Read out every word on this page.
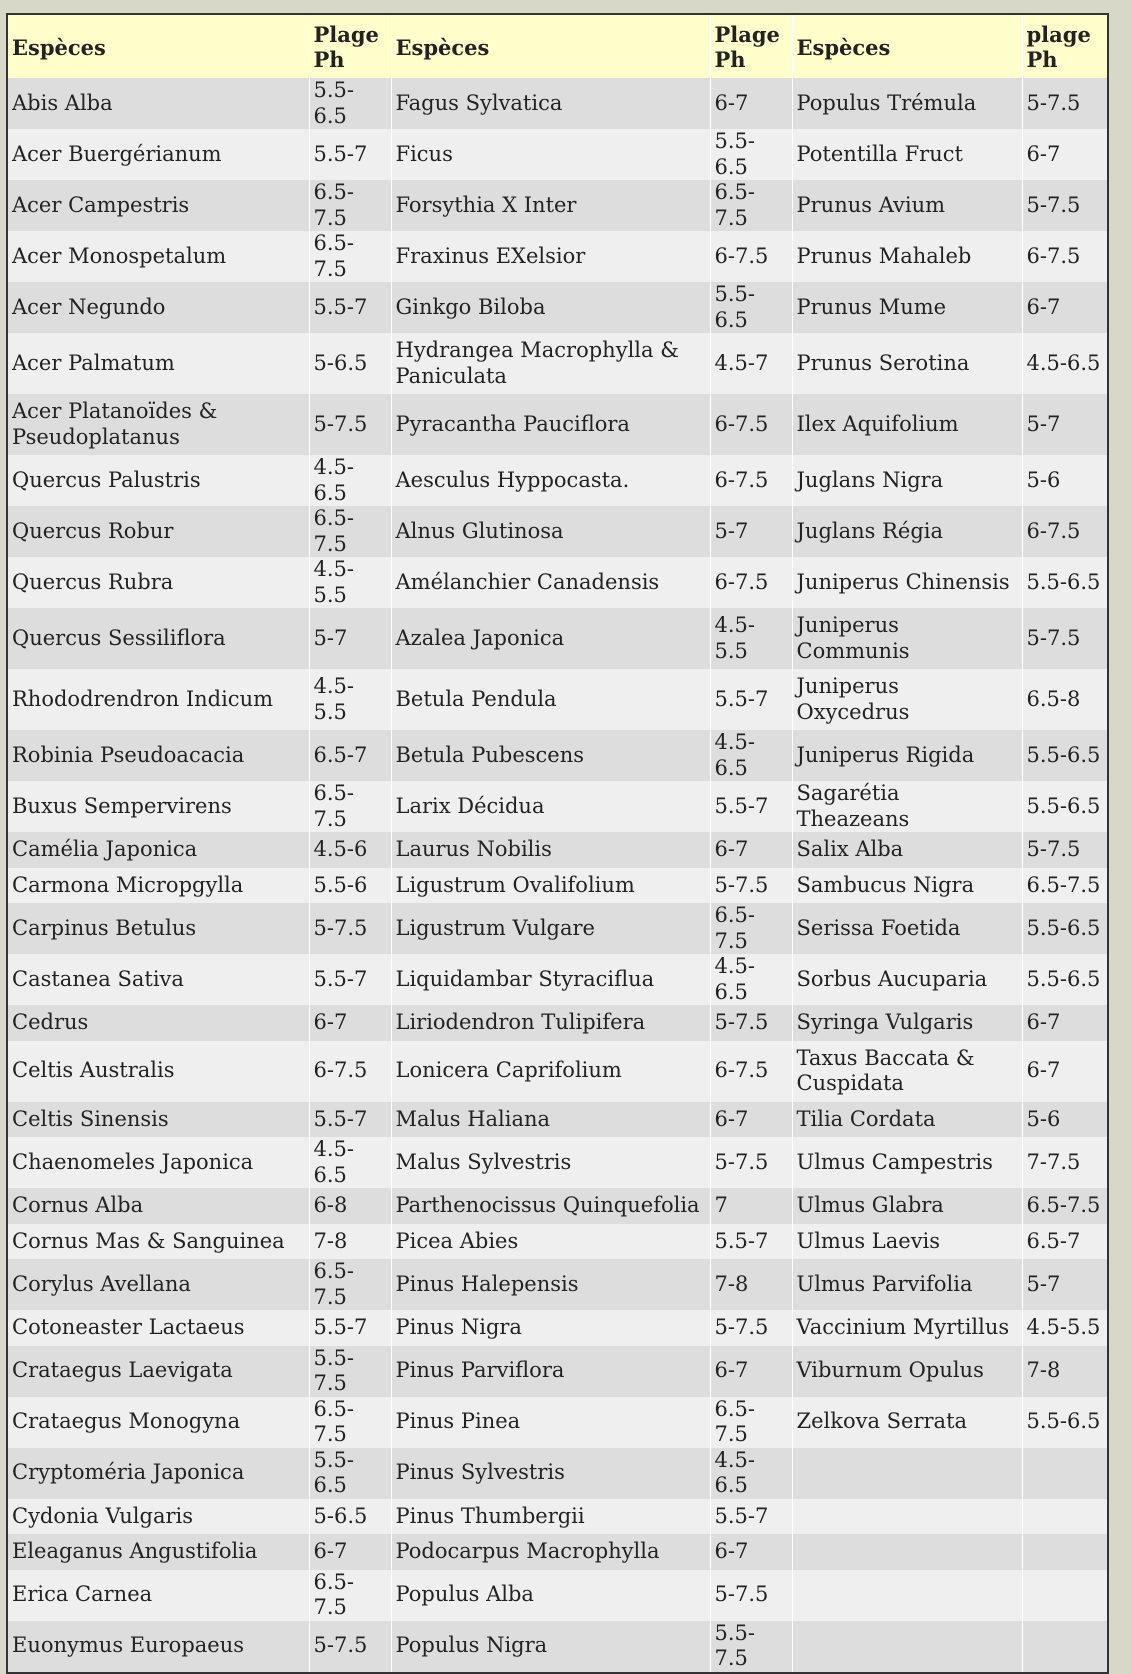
Espèces	Plage Ph	Espèces	Plage Ph	Espèces	plage Ph
Abis Alba	5.5-6.5	Fagus Sylvatica	6-7	Populus Trémula	5-7.5
Acer Buergérianum	5.5-7	Ficus	5.5-6.5	Potentilla Fruct	6-7
Acer Campestris	6.5-7.5	Forsythia X Inter	6.5-7.5	Prunus Avium	5-7.5
Acer Monospetalum	6.5-7.5	Fraxinus EXelsior	6-7.5	Prunus Mahaleb	6-7.5
Acer Negundo	5.5-7	Ginkgo Biloba	5.5-6.5	Prunus Mume	6-7
Acer Palmatum	5-6.5	Hydrangea Macrophylla & Paniculata	4.5-7	Prunus Serotina	4.5-6.5
Acer Platanoïdes & Pseudoplatanus	5-7.5	Pyracantha Pauciflora	6-7.5	Ilex Aquifolium	5-7
Quercus Palustris	4.5-6.5	Aesculus Hyppocasta.	6-7.5	Juglans Nigra	5-6
Quercus Robur	6.5-7.5	Alnus Glutinosa	5-7	Juglans Régia	6-7.5
Quercus Rubra	4.5-5.5	Amélanchier Canadensis	6-7.5	Juniperus Chinensis	5.5-6.5
Quercus Sessiliflora	5-7	Azalea Japonica	4.5-5.5	Juniperus Communis	5-7.5
Rhododrendron Indicum	4.5-5.5	Betula Pendula	5.5-7	Juniperus Oxycedrus	6.5-8
Robinia Pseudoacacia	6.5-7	Betula Pubescens	4.5-6.5	Juniperus Rigida	5.5-6.5
Buxus Sempervirens	6.5-7.5	Larix Décidua	5.5-7	Sagarétia Theazeans	5.5-6.5
Camélia Japonica	4.5-6	Laurus Nobilis	6-7	Salix Alba	5-7.5
Carmona Micropgylla	5.5-6	Ligustrum Ovalifolium	5-7.5	Sambucus Nigra	6.5-7.5
Carpinus Betulus	5-7.5	Ligustrum Vulgare	6.5-7.5	Serissa Foetida	5.5-6.5
Castanea Sativa	5.5-7	Liquidambar Styraciflua	4.5-6.5	Sorbus Aucuparia	5.5-6.5
Cedrus	6-7	Liriodendron Tulipifera	5-7.5	Syringa Vulgaris	6-7
Celtis Australis	6-7.5	Lonicera Caprifolium	6-7.5	Taxus Baccata & Cuspidata	6-7
Celtis Sinensis	5.5-7	Malus Haliana	6-7	Tilia Cordata	5-6
Chaenomeles Japonica	4.5-6.5	Malus Sylvestris	5-7.5	Ulmus Campestris	7-7.5
Cornus Alba	6-8	Parthenocissus Quinquefolia	7	Ulmus Glabra	6.5-7.5
Cornus Mas & Sanguinea	7-8	Picea Abies	5.5-7	Ulmus Laevis	6.5-7
Corylus Avellana	6.5-7.5	Pinus Halepensis	7-8	Ulmus Parvifolia	5-7
Cotoneaster Lactaeus	5.5-7	Pinus Nigra	5-7.5	Vaccinium Myrtillus	4.5-5.5
Crataegus Laevigata	5.5-7.5	Pinus Parviflora	6-7	Viburnum Opulus	7-8
Crataegus Monogyna	6.5-7.5	Pinus Pinea	6.5-7.5	Zelkova Serrata	5.5-6.5
Cryptoméria Japonica	5.5-6.5	Pinus Sylvestris	4.5-6.5		
Cydonia Vulgaris	5-6.5	Pinus Thumbergii	5.5-7		
Eleaganus Angustifolia	6-7	Podocarpus Macrophylla	6-7		
Erica Carnea	6.5-7.5	Populus Alba	5-7.5		
Euonymus Europaeus	5-7.5	Populus Nigra	5.5-7.5		
